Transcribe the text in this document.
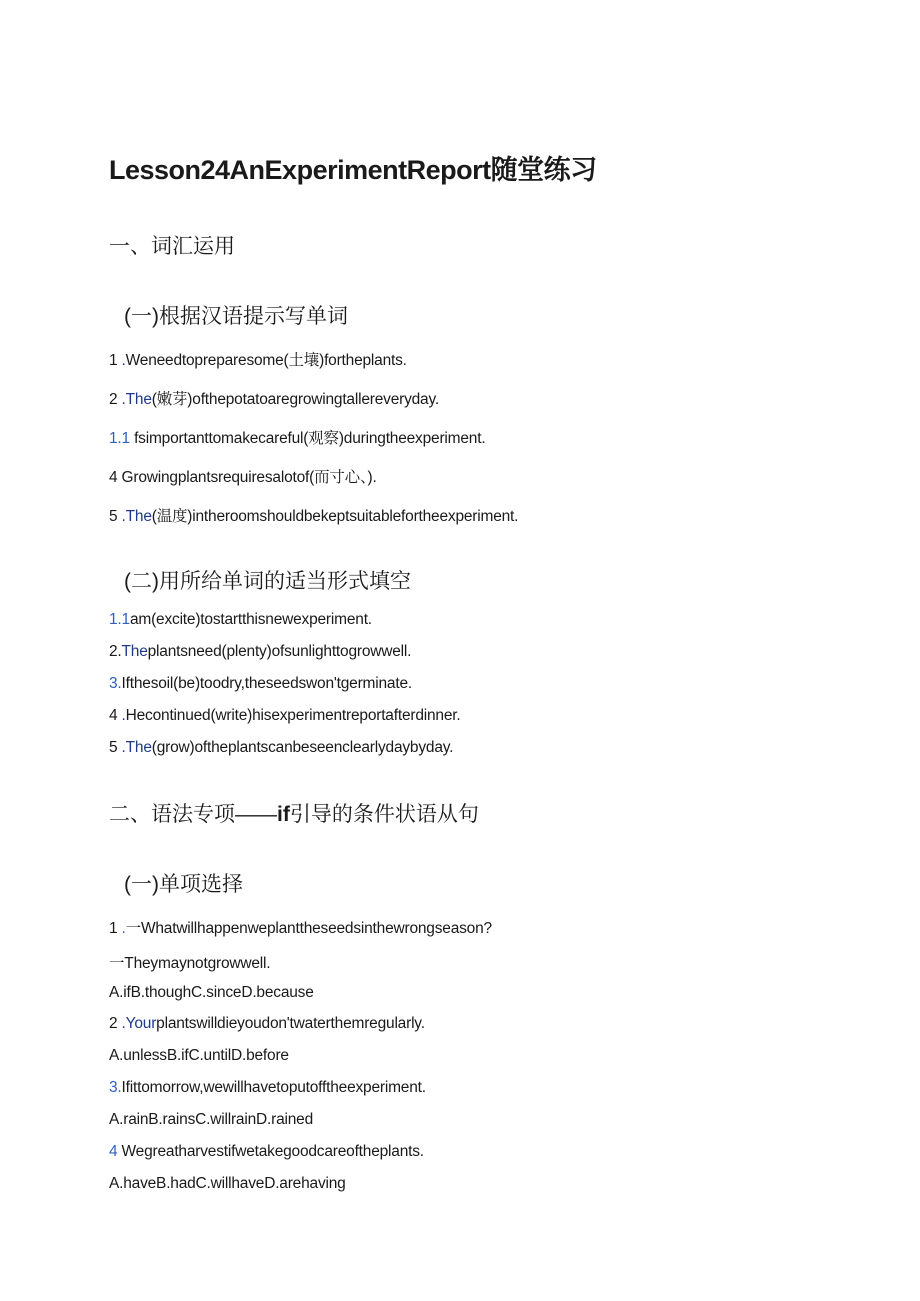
Lesson24AnExperimentReport随堂练习
一、词汇运用
(一)根据汉语提示写单词
1 .Weneedtopreparesome(土壤)fortheplants.
2 .The(嫩芽)ofthepotatoaregrowingtallereveryday.
1.1 fsimportanttomakecareful(观察)duringtheexperiment.
4 Growingplantsrequiresalotof(而寸心、).
5 .The(温度)intheroomshouldbekeptsuitablefortheexperiment.
(二)用所给单词的适当形式填空
1.1am(excite)tostartthisnewexperiment.
2.Theplantsneed(plenty)ofsunlighttogrowwell.
3.Ifthesoil(be)toodry,theseedswon'tgerminate.
4 .Hecontinued(write)hisexperimentreportafterdinner.
5 .The(grow)oftheplantscanbeseenclearlydaybyday.
二、语法专项——if引导的条件状语从句
(一)单项选择
1 .一Whatwillhappenweplanttheseedsinthewrongseason?
一Theymaynotgrowwell.
A.ifB.thoughC.sinceD.because
2 .Yourplantswilldieyoudon'twaterthemregularly.
A.unlessB.ifC.untilD.before
3.Ifittomorrow,wewillhavetoputofftheexperiment.
A.rainB.rainsC.willrainD.rained
4 Wegreatharvestifwetakegoodcareoftheplants.
A.haveB.hadC.willhaveD.arehaving
